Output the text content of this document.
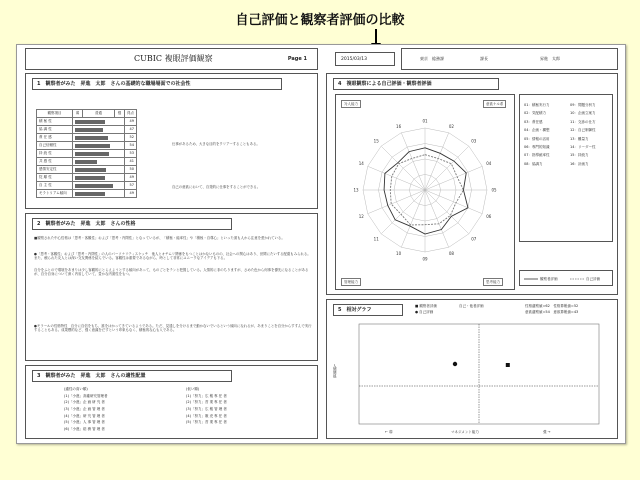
自己評価と観察者評価の比較
CUBIC 複眼評価観察	Page 1	2015/03/13	東京　総務課	課長	昇進　太郎
1　観察者がみた　昇進　太郎　さんの基礎的な職場場面での社会性
観察項目	弱	普通	強	得点
積 極 性				49
協 調 性				47
責 任 感				52
自己信頼性				54
持 続 性				53
共 感 性				41
感情安定性				50
従 順 性				49
自 主 性				57
モラトリアム傾向				49
仕事があるため、大きな目的をクリアーすることもある。
自己の意欲において、自発的に仕事をすることができる。
2　観察者がみた　昇進　太郎　さんの性格
■観察された中心性格は「思考・客観性」および「思考・内閉性」となっているが、「積極・能率性」や「積極・自尊心」といった面も人から注意を惹かれている。
●「思考・客観性」および「思考・内閉性」の人のパーソナリティスケッチ　他人とオチムリ関係をもつことはかないものの、社会への関心はあり、世間にたいする配慮もみられる。また、頼られた友人とは深い交友関係を結んでいる。客観性は重要であるながら、時として非常にユニークなアイデアも下る。
自分をふとので環境をあまりは少し客観的にとらえようとする傾向があって、ものごとをテンと把握している。人情的に非のちりますが、さめた色から何事を優先になることがあるが、自分自身について深く内省していて、豊かな内面性をもつ。
●モラールの性格特性　自分に自信をもち、誰をはかってきているようである。ただ、見通しを分けるまで動かないでいるという傾向になれるが、あまりことを自分からすすんで実行することもある。成果標的など、強く意識をだすという印象もなく、積極的な心も入である。
3　観察者がみた　昇進　太郎　さんの適性配置
(適性の高い順)
(1)「小進」高確研究管理者
(2)「小進」企 画 研 究 者
(3)「小進」企 画 管 理 者
(4)「小進」研 究 管 理 者
(5)「小進」人 事 管 理 者
(6)「小進」総 務 管 理 者
(低い順)
(1)「努力」広 報 専 任 者
(2)「努力」営 業 専 任 者
(3)「努力」広 報 管 理 者
(4)「努力」販 売 専 任 者
(5)「努力」営 業 専 任 者
4　複眼観察による自己評価・観察者評価
対人能力	意欲ケル系
管理能力	思考能力
01
02
03
04
05
06
07
08
09
10
11
12
13
14
15
16
01：積極実行力
02：気配積力
03：責任感
04：企画・構想
05：情報の活用
06：専門的知識
07：指導統率性
08：協調力
09：問題分析力
10：企画立案力
11：交渉の仕方
12：自己制御性
13：難量力
14：リーダー性
15：持続力
16：計画力
観察者評価	自己評価
5　相対グラフ
■ 観察者評価
● 自己評価
自己・他者評価	性格適察値=62　性格算帳値=52
意欲適察値=54　意欲算帳値=43
人間関係
← 弱	マネジメント能力	強 →
